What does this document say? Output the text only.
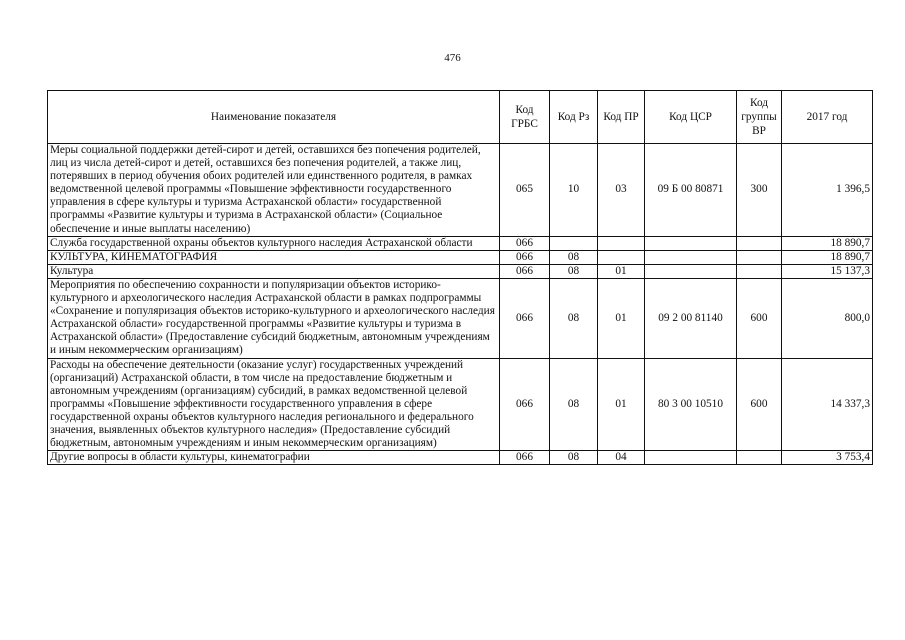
476
Наименование показателя	Код ГРБС	Код Рз	Код ПР	Код ЦСР	Код группы ВР	2017 год
Меры социальной поддержки детей-сирот и детей, оставшихся без попечения родителей, лиц из числа детей-сирот и детей, оставшихся без попечения родителей, а также лиц, потерявших в период обучения обоих родителей или единственного родителя, в рамках ведомственной целевой программы «Повышение эффективности государственного управления в сфере культуры и туризма Астраханской области» государственной программы «Развитие культуры и туризма в Астраханской области» (Социальное обеспечение и иные выплаты населению)	065	10	03	09 Б 00 80871	300	1 396,5
Служба государственной охраны объектов культурного наследия Астраханской области	066					18 890,7
КУЛЬТУРА, КИНЕМАТОГРАФИЯ	066	08				18 890,7
Культура	066	08	01			15 137,3
Мероприятия по обеспечению сохранности и популяризации объектов историко-культурного и археологического наследия Астраханской области в рамках подпрограммы «Сохранение и популяризация объектов историко-культурного и археологического наследия Астраханской области» государственной программы «Развитие культуры и туризма в Астраханской области» (Предоставление субсидий бюджетным, автономным учреждениям и иным некоммерческим организациям)	066	08	01	09 2 00 81140	600	800,0
Расходы на обеспечение деятельности (оказание услуг) государственных учреждений (организаций) Астраханской области, в том числе на предоставление бюджетным и автономным учреждениям (организациям) субсидий, в рамках ведомственной целевой программы «Повышение эффективности государственного управления в сфере государственной охраны объектов культурного наследия регионального и федерального значения, выявленных объектов культурного наследия» (Предоставление субсидий бюджетным, автономным учреждениям и иным некоммерческим организациям)	066	08	01	80 3 00 10510	600	14 337,3
Другие вопросы в области культуры, кинематографии	066	08	04			3 753,4
